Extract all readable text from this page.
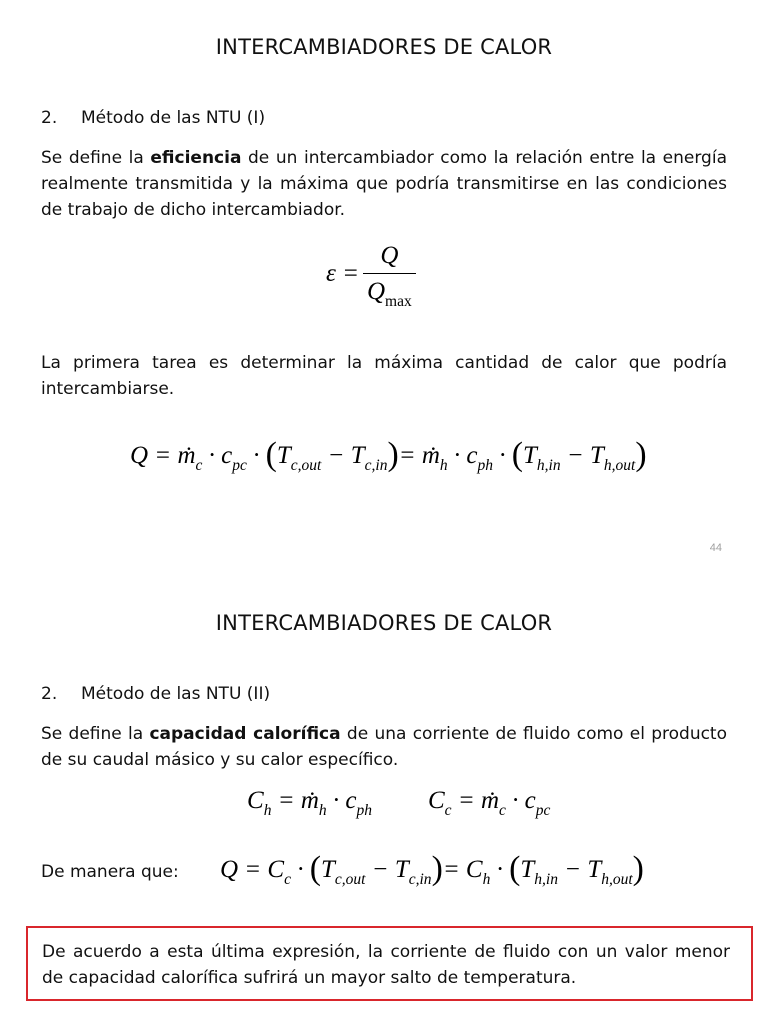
INTERCAMBIADORES DE CALOR
2. Método de las NTU (I)
Se define la eficiencia de un intercambiador como la relación entre la energía realmente transmitida y la máxima que podría transmitirse en las condiciones de trabajo de dicho intercambiador.
$\varepsilon = \frac{Q}{Q_{max}}$
La primera tarea es determinar la máxima cantidad de calor que podría intercambiarse.
Q = . $m_c \cdot c_{pc} \cdot (T_{c,out} - T_{c,in})=$ . $m_h \cdot c_{ph} \cdot (T_{h,in} - T_{h,out})$
44
INTERCAMBIADORES DE CALOR
2. Método de las NTU (II)
Se define la capacidad calorífica de una corriente de fluido como el producto de su caudal másico y su calor específico.
$C_h$ = . $m_h \cdot c_{ph}$ $C_c$ = . $m_c \cdot c_{pc}$
De manera que: $Q = C_c \cdot (T_{c,out} - T_{c,in})= C_h \cdot (T_{h,in} - T_{h,out})$
De acuerdo a esta última expresión, la corriente de fluido con un valor menor de capacidad calorífica sufrirá un mayor salto de temperatura.
